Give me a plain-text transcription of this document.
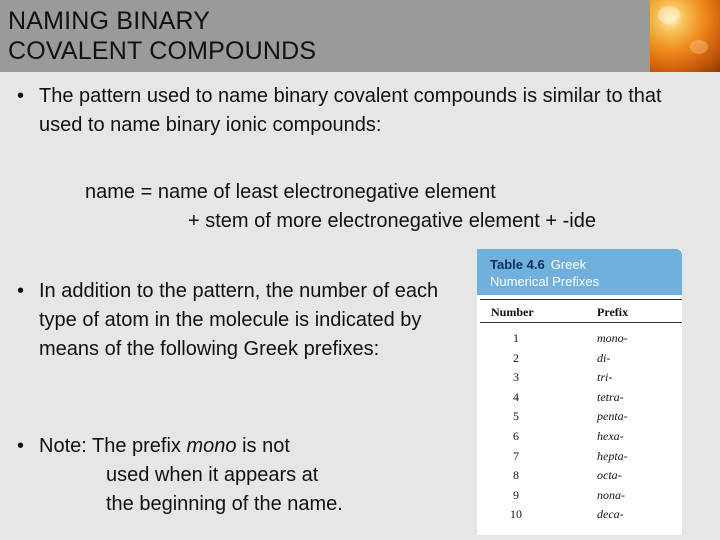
NAMING BINARY
COVALENT COMPOUNDS
• The pattern used to name binary covalent compounds is similar to that used to name binary ionic compounds:
name = name of least electronegative element
+ stem of more electronegative element + -ide
• In addition to the pattern, the number of each type of atom in the molecule is indicated by means of the following Greek prefixes:
• Note: The prefix mono is not
used when it appears at
the beginning of the name.
Table 4.6 Greek
Numerical Prefixes
Number	Prefix
1	mono-
2	di-
3	tri-
4	tetra-
5	penta-
6	hexa-
7	hepta-
8	octa-
9	nona-
10	deca-
